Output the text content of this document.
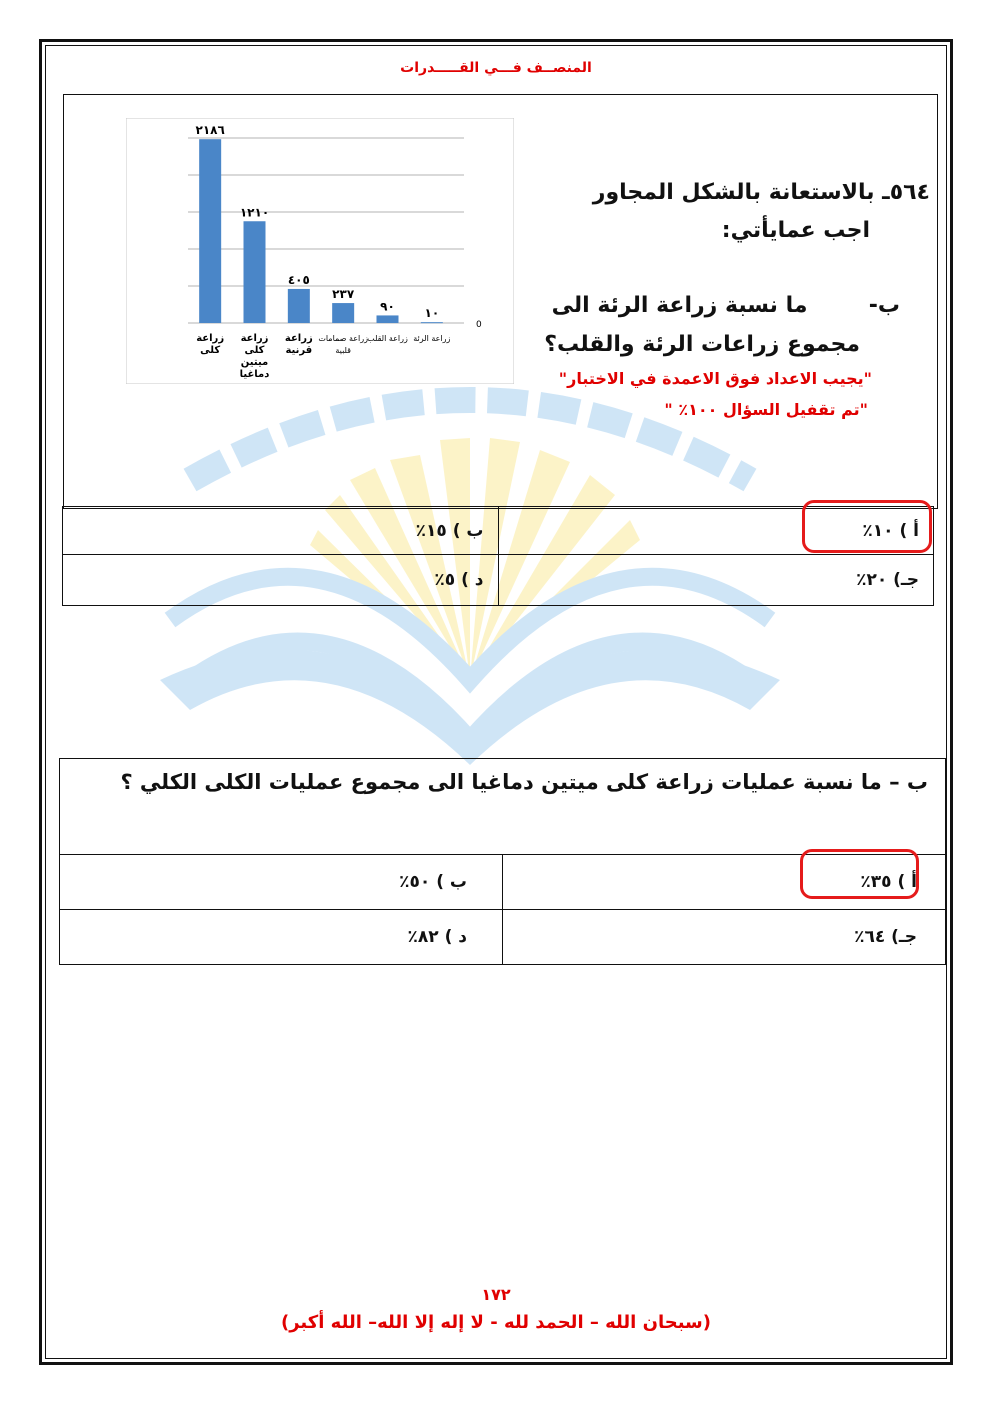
المنصــف فـــي القـــــدرات
٢١٨٦
١٢١٠
٤٠٥
٢٣٧
٩٠ ١٠
زراعة كلى
زراعة كلى ميتين دماغيا
زراعة قرنية
زراعة صمامات قلبية
زراعة القلب زراعة الرئة
0
٥٦٤ـ بالاستعانة بالشكل المجاور
اجب عمايأتي:
ب-        ما نسبة زراعة الرئة الى
مجموع زراعات الرئة والقلب؟
"يجيب الاعداد فوق الاعمدة في الاختبار"
"تم تقفيل السؤال ١٠٠٪ "
أ ) ١٠٪	ب ) ١٥٪
جـ) ٢٠٪	د ) ٥٪
ب – ما نسبة عمليات زراعة كلى ميتين دماغيا الى مجموع عمليات الكلى الكلي ؟
أ ) ٣٥٪	ب ) ٥٠٪
جـ) ٦٤٪	د ) ٨٢٪
١٧٢
(سبحان الله – الحمد لله - لا إله إلا الله– الله أكبر)
